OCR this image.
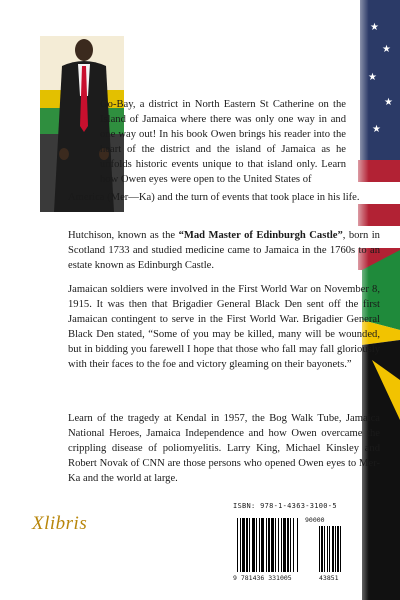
Go-Bay, a district in North Eastern St Catherine on the Island of Jamaica where there was only one way in and one way out! In his book Owen brings his reader into the heart of the district and the island of Jamaica as he unfolds historic events unique to that island only. Learn how Owen eyes were open to the United States of

America (Mer—Ka) and the turn of events that took place in his life.

Hutchison, known as the “Mad Master of Edinburgh Castle”, born in Scotland 1733 and studied medicine came to Jamaica in the 1760s to an estate known as Edinburgh Castle.

Jamaican soldiers were involved in the First World War on November 8, 1915. It was then that Brigadier General Black Den sent off the first Jamaican contingent to serve in the First World War. Brigadier General Black Den stated, “Some of you may be killed, many will be wounded, but in bidding you farewell I hope that those who fall may fall gloriously with their faces to the foe and victory gleaming on their bayonets.”

Learn of the tragedy at Kendal in 1957, the Bog Walk Tube, Jamaica National Heroes, Jamaica Independence and how Owen overcame the crippling disease of poliomyelitis. Larry King, Michael Kinsley and Robert Novak of CNN are those persons who opened Owen eyes to Mer-Ka and the world at large.

Xlibris
ISBN: 978-1-4363-3100-5
90000
9 781436 331005	43851
